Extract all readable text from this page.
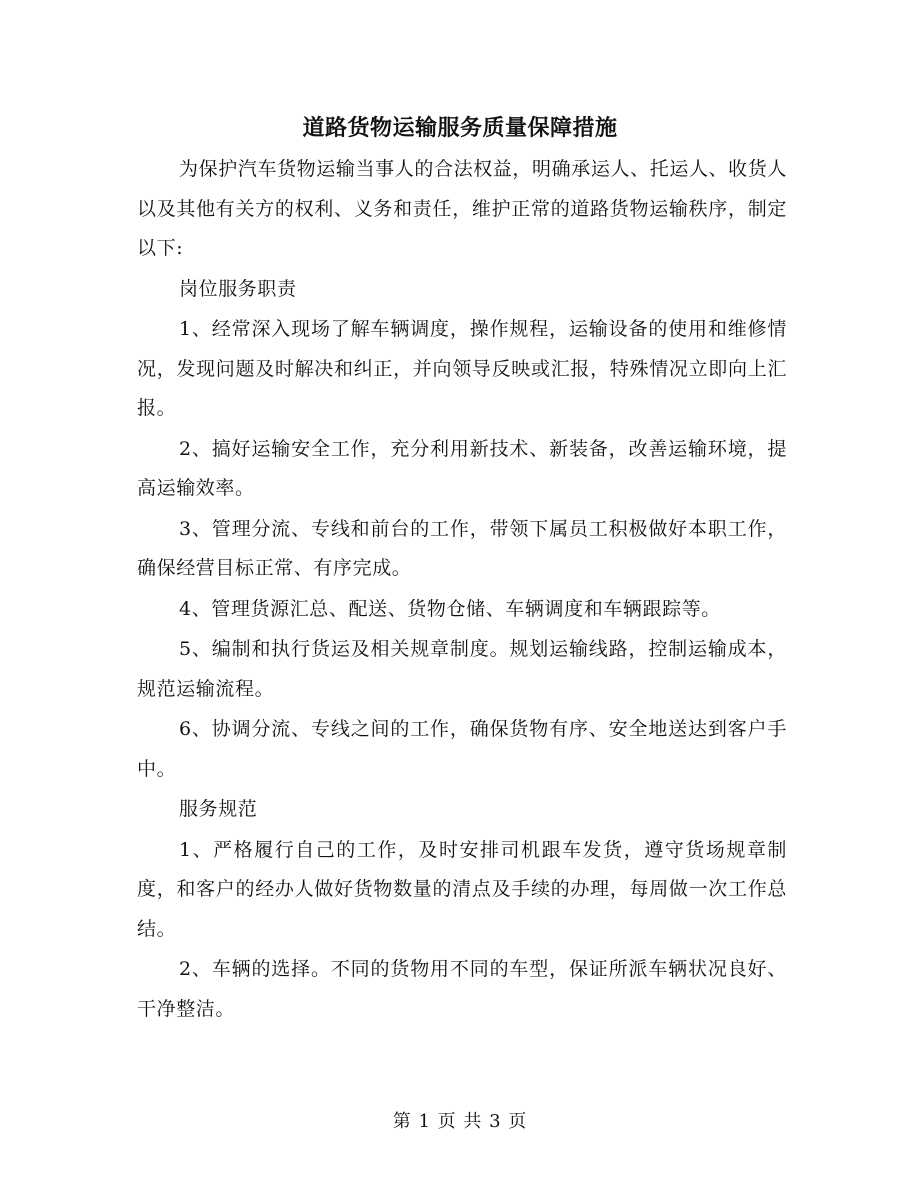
道路货物运输服务质量保障措施

为保护汽车货物运输当事人的合法权益，明确承运人、托运人、收货人以及其他有关方的权利、义务和责任，维护正常的道路货物运输秩序，制定以下:

岗位服务职责

1、经常深入现场了解车辆调度，操作规程，运输设备的使用和维修情况，发现问题及时解决和纠正，并向领导反映或汇报，特殊情况立即向上汇报。

2、搞好运输安全工作，充分利用新技术、新装备，改善运输环境，提高运输效率。

3、管理分流、专线和前台的工作，带领下属员工积极做好本职工作，确保经营目标正常、有序完成。

4、管理货源汇总、配送、货物仓储、车辆调度和车辆跟踪等。

5、编制和执行货运及相关规章制度。规划运输线路，控制运输成本，规范运输流程。

6、协调分流、专线之间的工作，确保货物有序、安全地送达到客户手中。

服务规范

1、严格履行自己的工作，及时安排司机跟车发货，遵守货场规章制度，和客户的经办人做好货物数量的清点及手续的办理，每周做一次工作总结。

2、车辆的选择。不同的货物用不同的车型，保证所派车辆状况良好、干净整洁。

第 1 页 共 3 页
